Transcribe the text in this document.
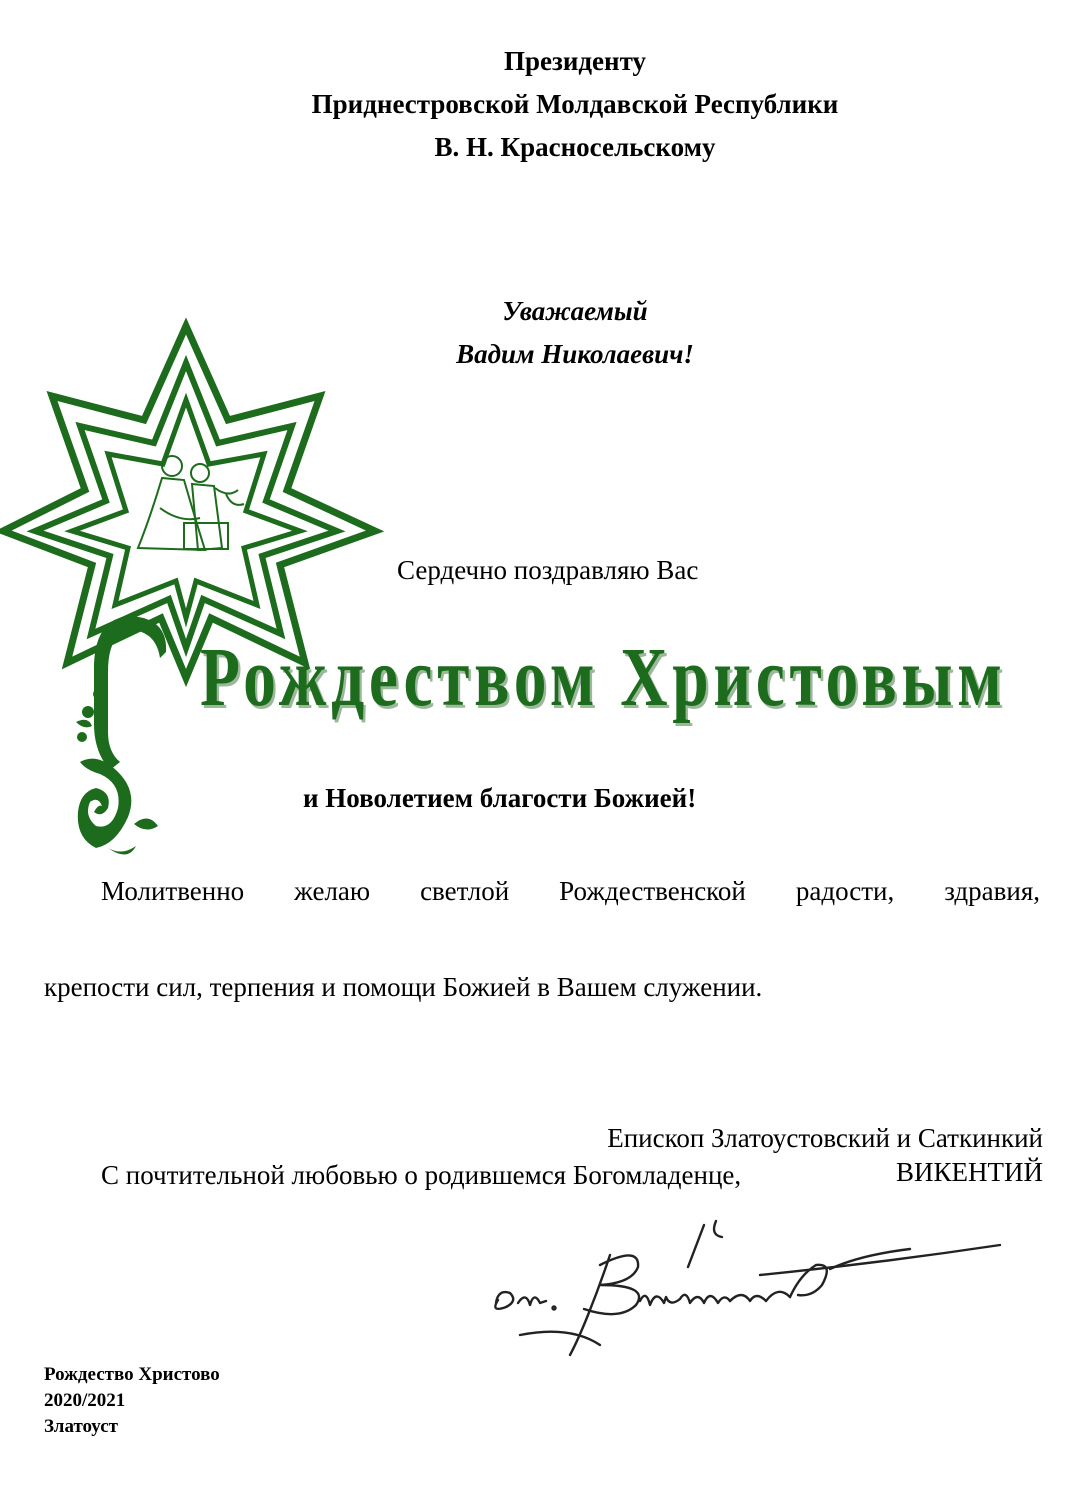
Президенту
Приднестровской Молдавской Республики
В. Н. Красносельскому
Уважаемый
Вадим Николаевич!
Сердечно поздравляю Вас
Рождеством Христовым
и Новолетием благости Божией!
Молитвенно желаю светлой Рождественской радости, здравия,
крепости сил, терпения и помощи Божией в Вашем служении.
С почтительной любовью о родившемся Богомладенце,
Епископ Златоустовский и Саткинкий
ВИКЕНТИЙ
Рождество Христово
2020/2021
Златоуст
